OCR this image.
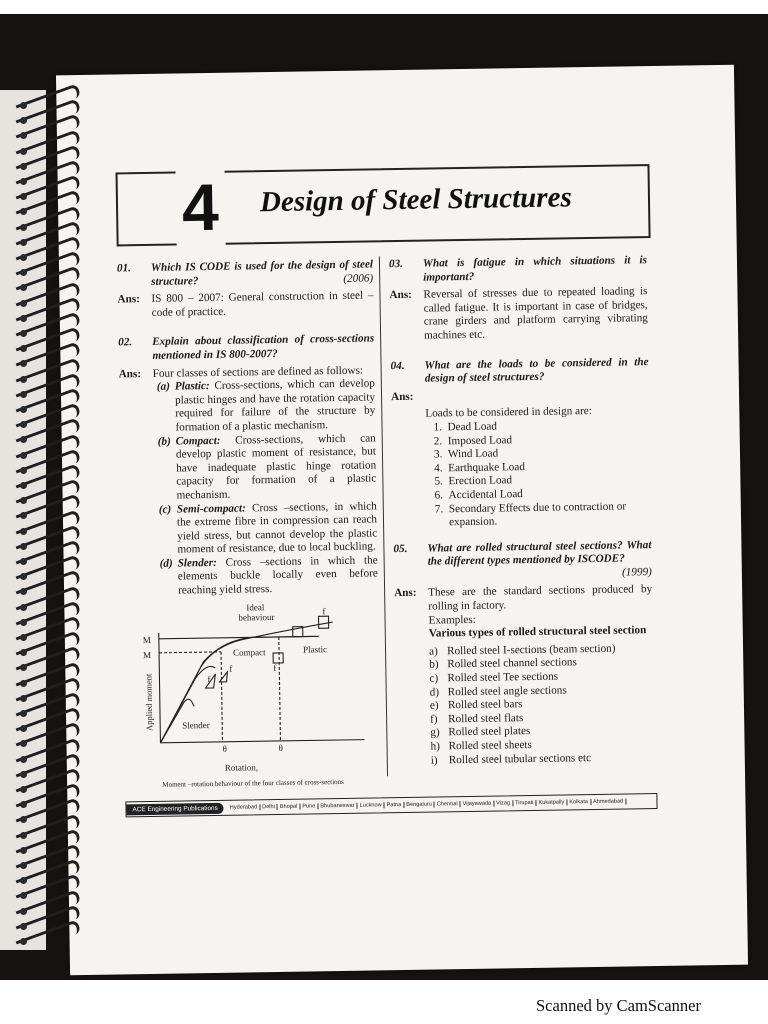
4 Design of Steel Structures
01.	Which IS CODE is used for the design of steel structure?	(2006)
Ans:	IS 800 – 2007: General construction in steel – code of practice.
02.	Explain about classification of cross-sections mentioned in IS 800-2007?
Ans:	Four classes of sections are defined as follows:
(a) Plastic: Cross-sections, which can develop plastic hinges and have the rotation capacity required for failure of the structure by formation of a plastic mechanism.
(b) Compact: Cross-sections, which can develop plastic moment of resistance, but have inadequate plastic hinge rotation capacity for formation of a plastic mechanism.
(c) Semi-compact: Cross –sections, in which the extreme fibre in compression can reach yield stress, but cannot develop the plastic moment of resistance, due to local buckling.
(d) Slender: Cross –sections in which the elements buckle locally even before reaching yield stress.
Ideal
behaviour
Compact	Plastic
Slender
M
M
θ	θ
Rotation,
f
f
f
f
Applied moment
Moment –rotation behaviour of the four classes of cross-sections
03.	What is fatigue in which situations it is important?
Ans:	Reversal of stresses due to repeated loading is called fatigue. It is important in case of bridges, crane girders and platform carrying vibrating machines etc.
04.	What are the loads to be considered in the design of steel structures?
Ans:
Loads to be considered in design are:
1. Dead Load
2. Imposed Load
3. Wind Load
4. Earthquake Load
5. Erection Load
6. Accidental Load
7. Secondary Effects due to contraction or expansion.
05.	What are rolled structural steel sections? What the different types mentioned by ISCODE?
(1999)
Ans:	These are the standard sections produced by rolling in factory.
Examples:
Various types of rolled structural steel section
a) Rolled steel I-sections (beam section)
b) Rolled steel channel sections
c) Rolled steel Tee sections
d) Rolled steel angle sections
e) Rolled steel bars
f) Rolled steel flats
g) Rolled steel plates
h) Rolled steel sheets
i) Rolled steel tubular sections etc
ACE Engineering Publications	Hyderabad Delhi Bhopal Pune Bhubaneswar Lucknow Patna Bengaluru Chennai Vijayawada Vizag Tirupati Kukatpally Kolkata Ahmedabad
Scanned by CamScanner
